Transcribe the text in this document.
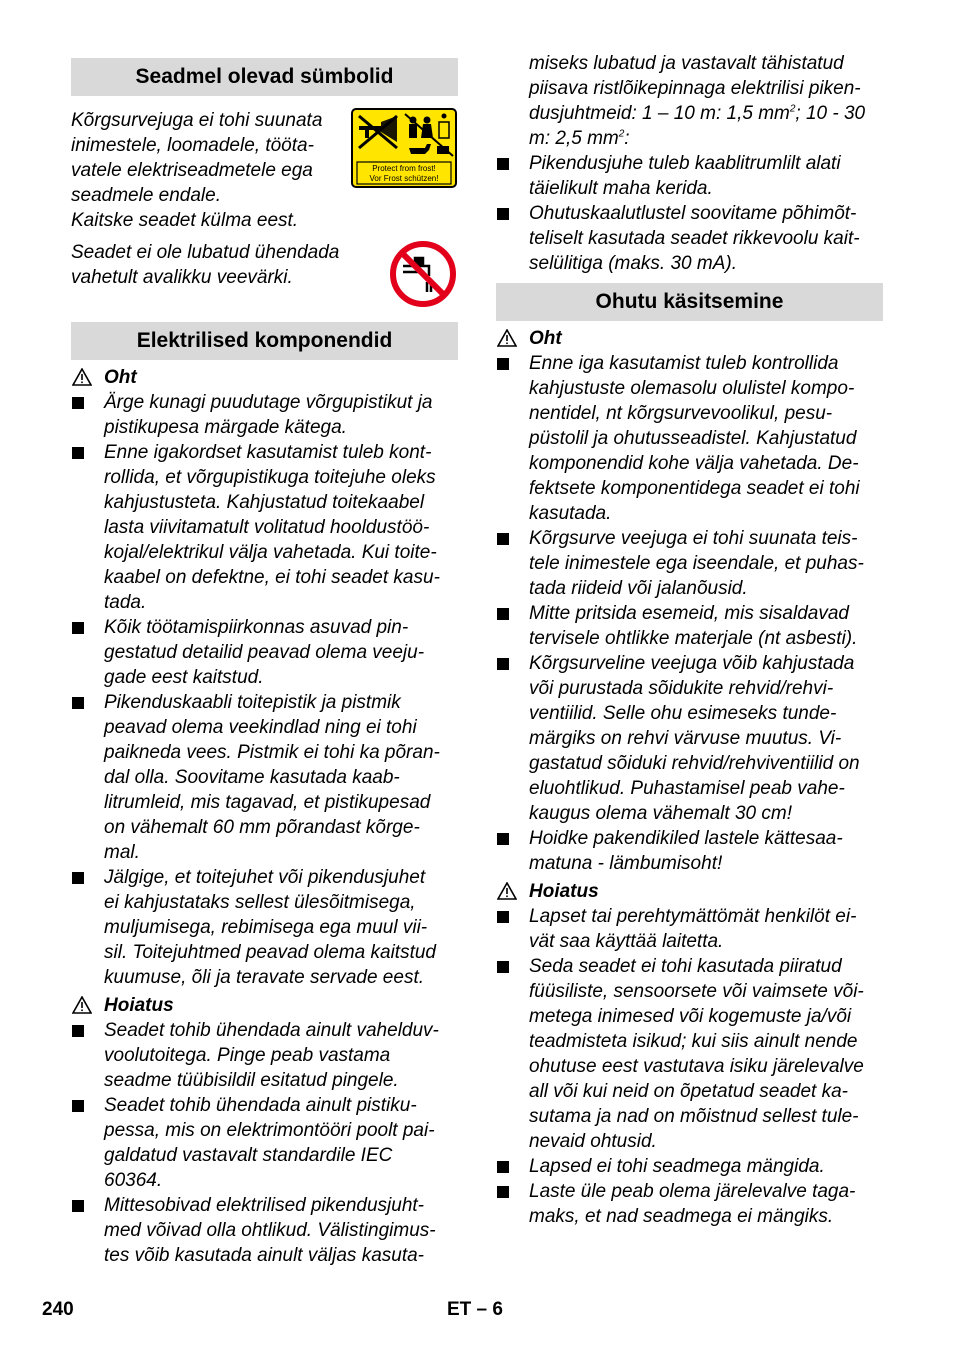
Seadmel olevad sümbolid
Kõrgsurvejuga ei tohi suunata
inimestele, loomadele, tööta-
vatele elektriseadmetele ega
seadmele endale.
Kaitske seadet külma eest.
Protect from frost!
Vor Frost schützen!
Seadet ei ole lubatud ühendada
vahetult avalikku veevärki.
Elektrilised komponendid
Oht
Ärge kunagi puudutage võrgupistikut ja
pistikupesa märgade kätega.
Enne igakordset kasutamist tuleb kont-
rollida, et võrgupistikuga toitejuhe oleks
kahjustusteta. Kahjustatud toitekaabel
lasta viivitamatult volitatud hooldustöö-
kojal/elektrikul välja vahetada. Kui toite-
kaabel on defektne, ei tohi seadet kasu-
tada.
Kõik töötamispiirkonnas asuvad pin-
gestatud detailid peavad olema veeju-
gade eest kaitstud.
Pikenduskaabli toitepistik ja pistmik
peavad olema veekindlad ning ei tohi
paikneda vees. Pistmik ei tohi ka põran-
dal olla. Soovitame kasutada kaab-
litrumleid, mis tagavad, et pistikupesad
on vähemalt 60 mm põrandast kõrge-
mal.
Jälgige, et toitejuhet või pikendusjuhet
ei kahjustataks sellest ülesõitmisega,
muljumisega, rebimisega ega muul vii-
sil. Toitejuhtmed peavad olema kaitstud
kuumuse, õli ja teravate servade eest.
Hoiatus
Seadet tohib ühendada ainult vahelduv-
voolutoitega. Pinge peab vastama
seadme tüübisildil esitatud pingele.
Seadet tohib ühendada ainult pistiku-
pessa, mis on elektrimontööri poolt pai-
galdatud vastavalt standardile IEC
60364.
Mittesobivad elektrilised pikendusjuht-
med võivad olla ohtlikud. Välistingimus-
tes võib kasutada ainult väljas kasuta-
miseks lubatud ja vastavalt tähistatud
piisava ristlõikepinnaga elektrilisi piken-
dusjuhtmeid: 1 – 10 m: 1,5 $mm^2$; 10 - 30
m: 2,5 $mm^2$:
Pikendusjuhe tuleb kaablitrumlilt alati
täielikult maha kerida.
Ohutuskaalutlustel soovitame põhimõt-
teliselt kasutada seadet rikkevoolu kait-
selülitiga (maks. 30 mA).
Ohutu käsitsemine
Oht
Enne iga kasutamist tuleb kontrollida
kahjustuste olemasolu olulistel kompo-
nentidel, nt kõrgsurvevoolikul, pesu-
püstolil ja ohutusseadistel. Kahjustatud
komponendid kohe välja vahetada. De-
fektsete komponentidega seadet ei tohi
kasutada.
Kõrgsurve veejuga ei tohi suunata teis-
tele inimestele ega iseendale, et puhas-
tada riideid või jalanõusid.
Mitte pritsida esemeid, mis sisaldavad
tervisele ohtlikke materjale (nt asbesti).
Kõrgsurveline veejuga võib kahjustada
või purustada sõidukite rehvid/rehvi-
ventiilid. Selle ohu esimeseks tunde-
märgiks on rehvi värvuse muutus. Vi-
gastatud sõiduki rehvid/rehviventiilid on
eluohtlikud. Puhastamisel peab vahe-
kaugus olema vähemalt 30 cm!
Hoidke pakendikiled lastele kättesaa-
matuna - lämbumisoht!
Hoiatus
Lapset tai perehtymättömät henkilöt ei-
vät saa käyttää laitetta.
Seda seadet ei tohi kasutada piiratud
füüsiliste, sensoorsete või vaimsete või-
metega inimesed või kogemuste ja/või
teadmisteta isikud; kui siis ainult nende
ohutuse eest vastutava isiku järelevalve
all või kui neid on õpetatud seadet ka-
sutama ja nad on mõistnud sellest tule-
nevaid ohtusid.
Lapsed ei tohi seadmega mängida.
Laste üle peab olema järelevalve taga-
maks, et nad seadmega ei mängiks.
240	ET – 6
